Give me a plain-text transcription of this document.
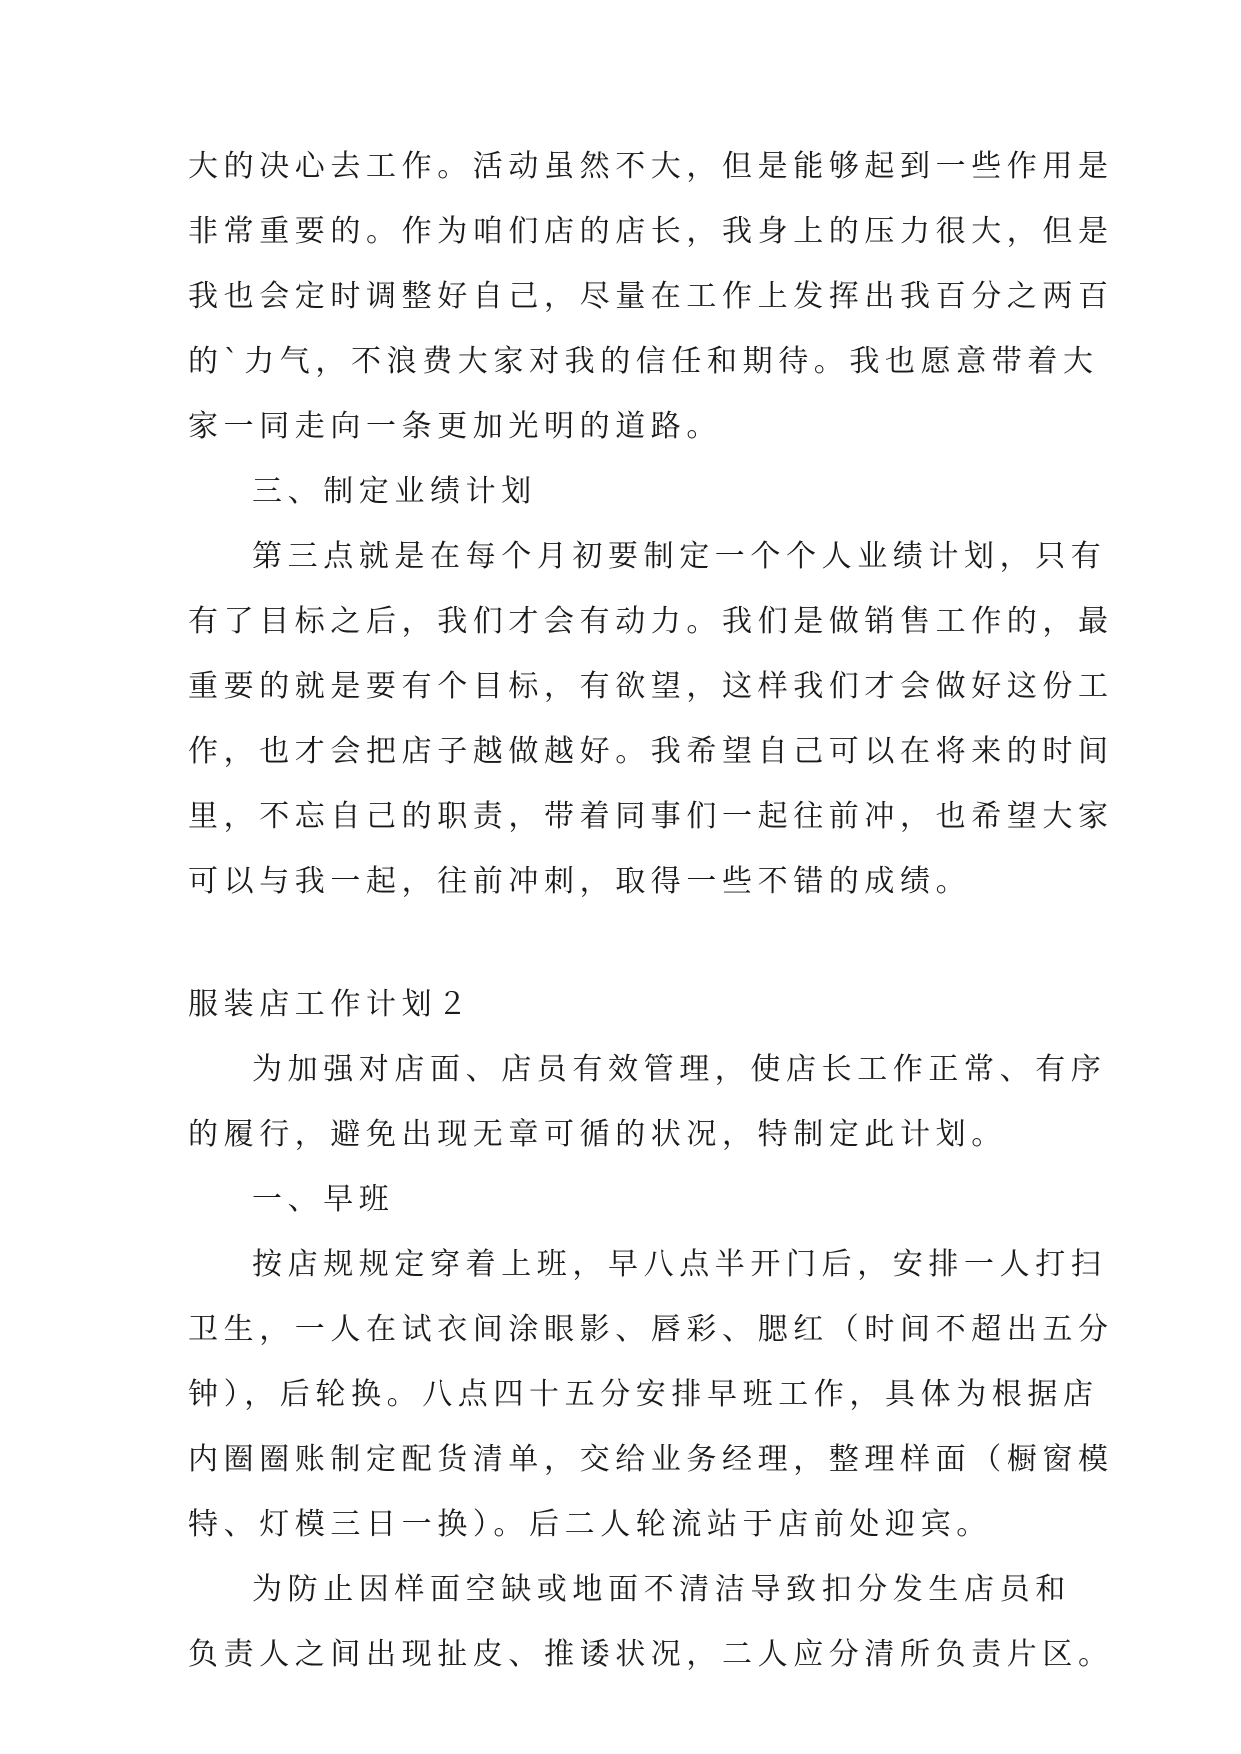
大的决心去工作。活动虽然不大，但是能够起到一些作用是
非常重要的。作为咱们店的店长，我身上的压力很大，但是
我也会定时调整好自己，尽量在工作上发挥出我百分之两百
的`力气，不浪费大家对我的信任和期待。我也愿意带着大
家一同走向一条更加光明的道路。
三、制定业绩计划
第三点就是在每个月初要制定一个个人业绩计划，只有
有了目标之后，我们才会有动力。我们是做销售工作的，最
重要的就是要有个目标，有欲望，这样我们才会做好这份工
作，也才会把店子越做越好。我希望自己可以在将来的时间
里，不忘自己的职责，带着同事们一起往前冲，也希望大家
可以与我一起，往前冲刺，取得一些不错的成绩。
服装店工作计划２
为加强对店面、店员有效管理，使店长工作正常、有序
的履行，避免出现无章可循的状况，特制定此计划。
一、早班
按店规规定穿着上班，早八点半开门后，安排一人打扫
卫生，一人在试衣间涂眼影、唇彩、腮红（时间不超出五分
钟），后轮换。八点四十五分安排早班工作，具体为根据店
内圈圈账制定配货清单，交给业务经理，整理样面（橱窗模
特、灯模三日一换）。后二人轮流站于店前处迎宾。
为防止因样面空缺或地面不清洁导致扣分发生店员和
负责人之间出现扯皮、推诿状况，二人应分清所负责片区。
